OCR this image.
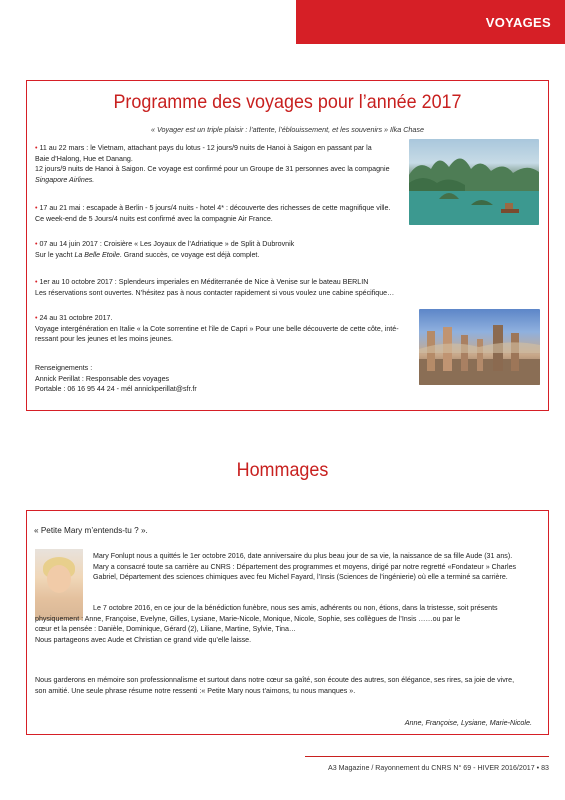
VOYAGES
Programme des voyages pour l’année 2017
« Voyager est un triple plaisir : l’attente, l’éblouissement, et les souvenirs » Ilka Chase
• 11 au 22 mars : le Vietnam, attachant pays du lotus - 12 jours/9 nuits de Hanoi à Saigon en passant par la
Baie d’Halong, Hue et Danang.
12 jours/9 nuits de Hanoi à Saigon. Ce voyage est confirmé pour un Groupe de 31 personnes avec la compagnie
Singapore Airlines.
• 17 au 21 mai : escapade à Berlin - 5 jours/4 nuits - hotel 4* : découverte des richesses de cette magnifique ville.
Ce week-end de 5 Jours/4 nuits est confirmé avec la compagnie Air France.
• 07 au 14 juin 2017 : Croisière « Les Joyaux de l’Adriatique » de Split à Dubrovnik
Sur le yacht La Belle Etoile. Grand succès, ce voyage est déjà complet.
• 1er au 10 octobre 2017 : Splendeurs imperiales en Méditerranée de Nice à Venise sur le bateau BERLIN
Les réservations sont ouvertes. N’hésitez pas à nous contacter rapidement si vous voulez une cabine spécifique…
• 24 au 31 octobre 2017.
Voyage intergénération en Italie « la Cote sorrentine et l’ile de Capri » Pour une belle découverte de cette côte, inté-
ressant pour les jeunes et les moins jeunes.
Renseignements :
Annick Perillat : Responsable des voyages
Portable : 06 16 95 44 24 - mél annickperillat@sfr.fr
Hommages
« Petite Mary m’entends-tu ? ».
Mary Fonlupt nous a quittés le 1er octobre 2016, date anniversaire du plus beau jour de sa vie, la naissance de sa fille Aude (31 ans).
Mary a consacré toute sa carrière au CNRS : Département des programmes et moyens, dirigé par notre regretté «Fondateur » Charles
Gabriel, Département des sciences chimiques avec feu Michel Fayard, l’Insis (Sciences de l’ingénierie) où elle a terminé sa carrière.
Le 7 octobre 2016, en ce jour de la bénédiction funèbre, nous ses amis, adhérents ou non, étions, dans la tristesse, soit présents
physiquement : Anne, Françoise, Evelyne, Gilles, Lysiane, Marie-Nicole, Monique, Nicole, Sophie, ses collègues de l’Insis ……ou par le
cœur et la pensée : Danièle, Dominique, Gérard (2), Liliane, Martine, Sylvie, Tina…
Nous partageons avec Aude et Christian ce grand vide qu’elle laisse.
Nous garderons en mémoire son professionnalisme et surtout dans notre cœur sa gaîté, son écoute des autres, son élégance, ses rires, sa joie de vivre,
son amitié. Une seule phrase résume notre ressenti :« Petite Mary nous t’aimons, tu nous manques ».
Anne, Françoise, Lysiane, Marie-Nicole.
A3 Magazine / Rayonnement du CNRS N° 69 - HIVER 2016/2017 • 83
